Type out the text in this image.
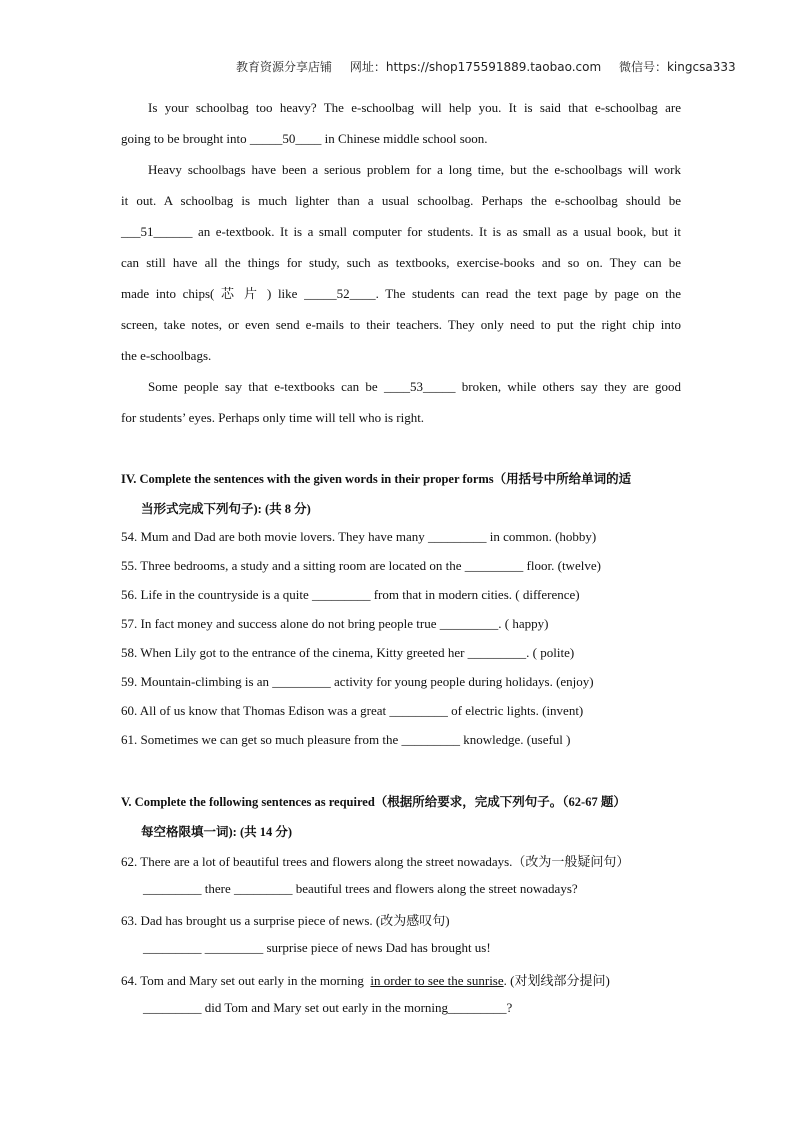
教育资源分享店铺 网址：https://shop175591889.taobao.com 微信号：kingcsa333
Is your schoolbag too heavy? The e-schoolbag will help you. It is said that e-schoolbag are
going to be brought into _____50____ in Chinese middle school soon.
Heavy schoolbags have been a serious problem for a long time, but the e-schoolbags will work
it out. A schoolbag is much lighter than a usual schoolbag. Perhaps the e-schoolbag should be
___51______ an e-textbook. It is a small computer for students. It is as small as a usual book, but it
can still have all the things for study, such as textbooks, exercise-books and so on. They can be
made into chips( 芯 片 ) like _____52____. The students can read the text page by page on the
screen, take notes, or even send e-mails to their teachers. They only need to put the right chip into
the e-schoolbags.
Some people say that e-textbooks can be ____53_____ broken, while others say they are good
for students’ eyes. Perhaps only time will tell who is right.
IV. Complete the sentences with the given words in their proper forms（用括号中所给单词的适
当形式完成下列句子): (共 8 分)
54. Mum and Dad are both movie lovers. They have many _________ in common. (hobby)
55. Three bedrooms, a study and a sitting room are located on the _________ floor. (twelve)
56. Life in the countryside is a quite _________ from that in modern cities. ( difference)
57. In fact money and success alone do not bring people true _________. ( happy)
58. When Lily got to the entrance of the cinema, Kitty greeted her _________. ( polite)
59. Mountain-climbing is an _________ activity for young people during holidays. (enjoy)
60. All of us know that Thomas Edison was a great _________ of electric lights. (invent)
61. Sometimes we can get so much pleasure from the _________ knowledge. (useful )
V. Complete the following sentences as required（根据所给要求，完成下列句子。（62-67 题）
每空格限填一词): (共 14 分)
62. There are a lot of beautiful trees and flowers along the street nowadays.（改为一般疑问句）
_________ there _________ beautiful trees and flowers along the street nowadays?
63. Dad has brought us a surprise piece of news. (改为感叹句)
_________ _________ surprise piece of news Dad has brought us!
64. Tom and Mary set out early in the morning in order to see the sunrise. (对划线部分提问)
_________ did Tom and Mary set out early in the morning_________?
